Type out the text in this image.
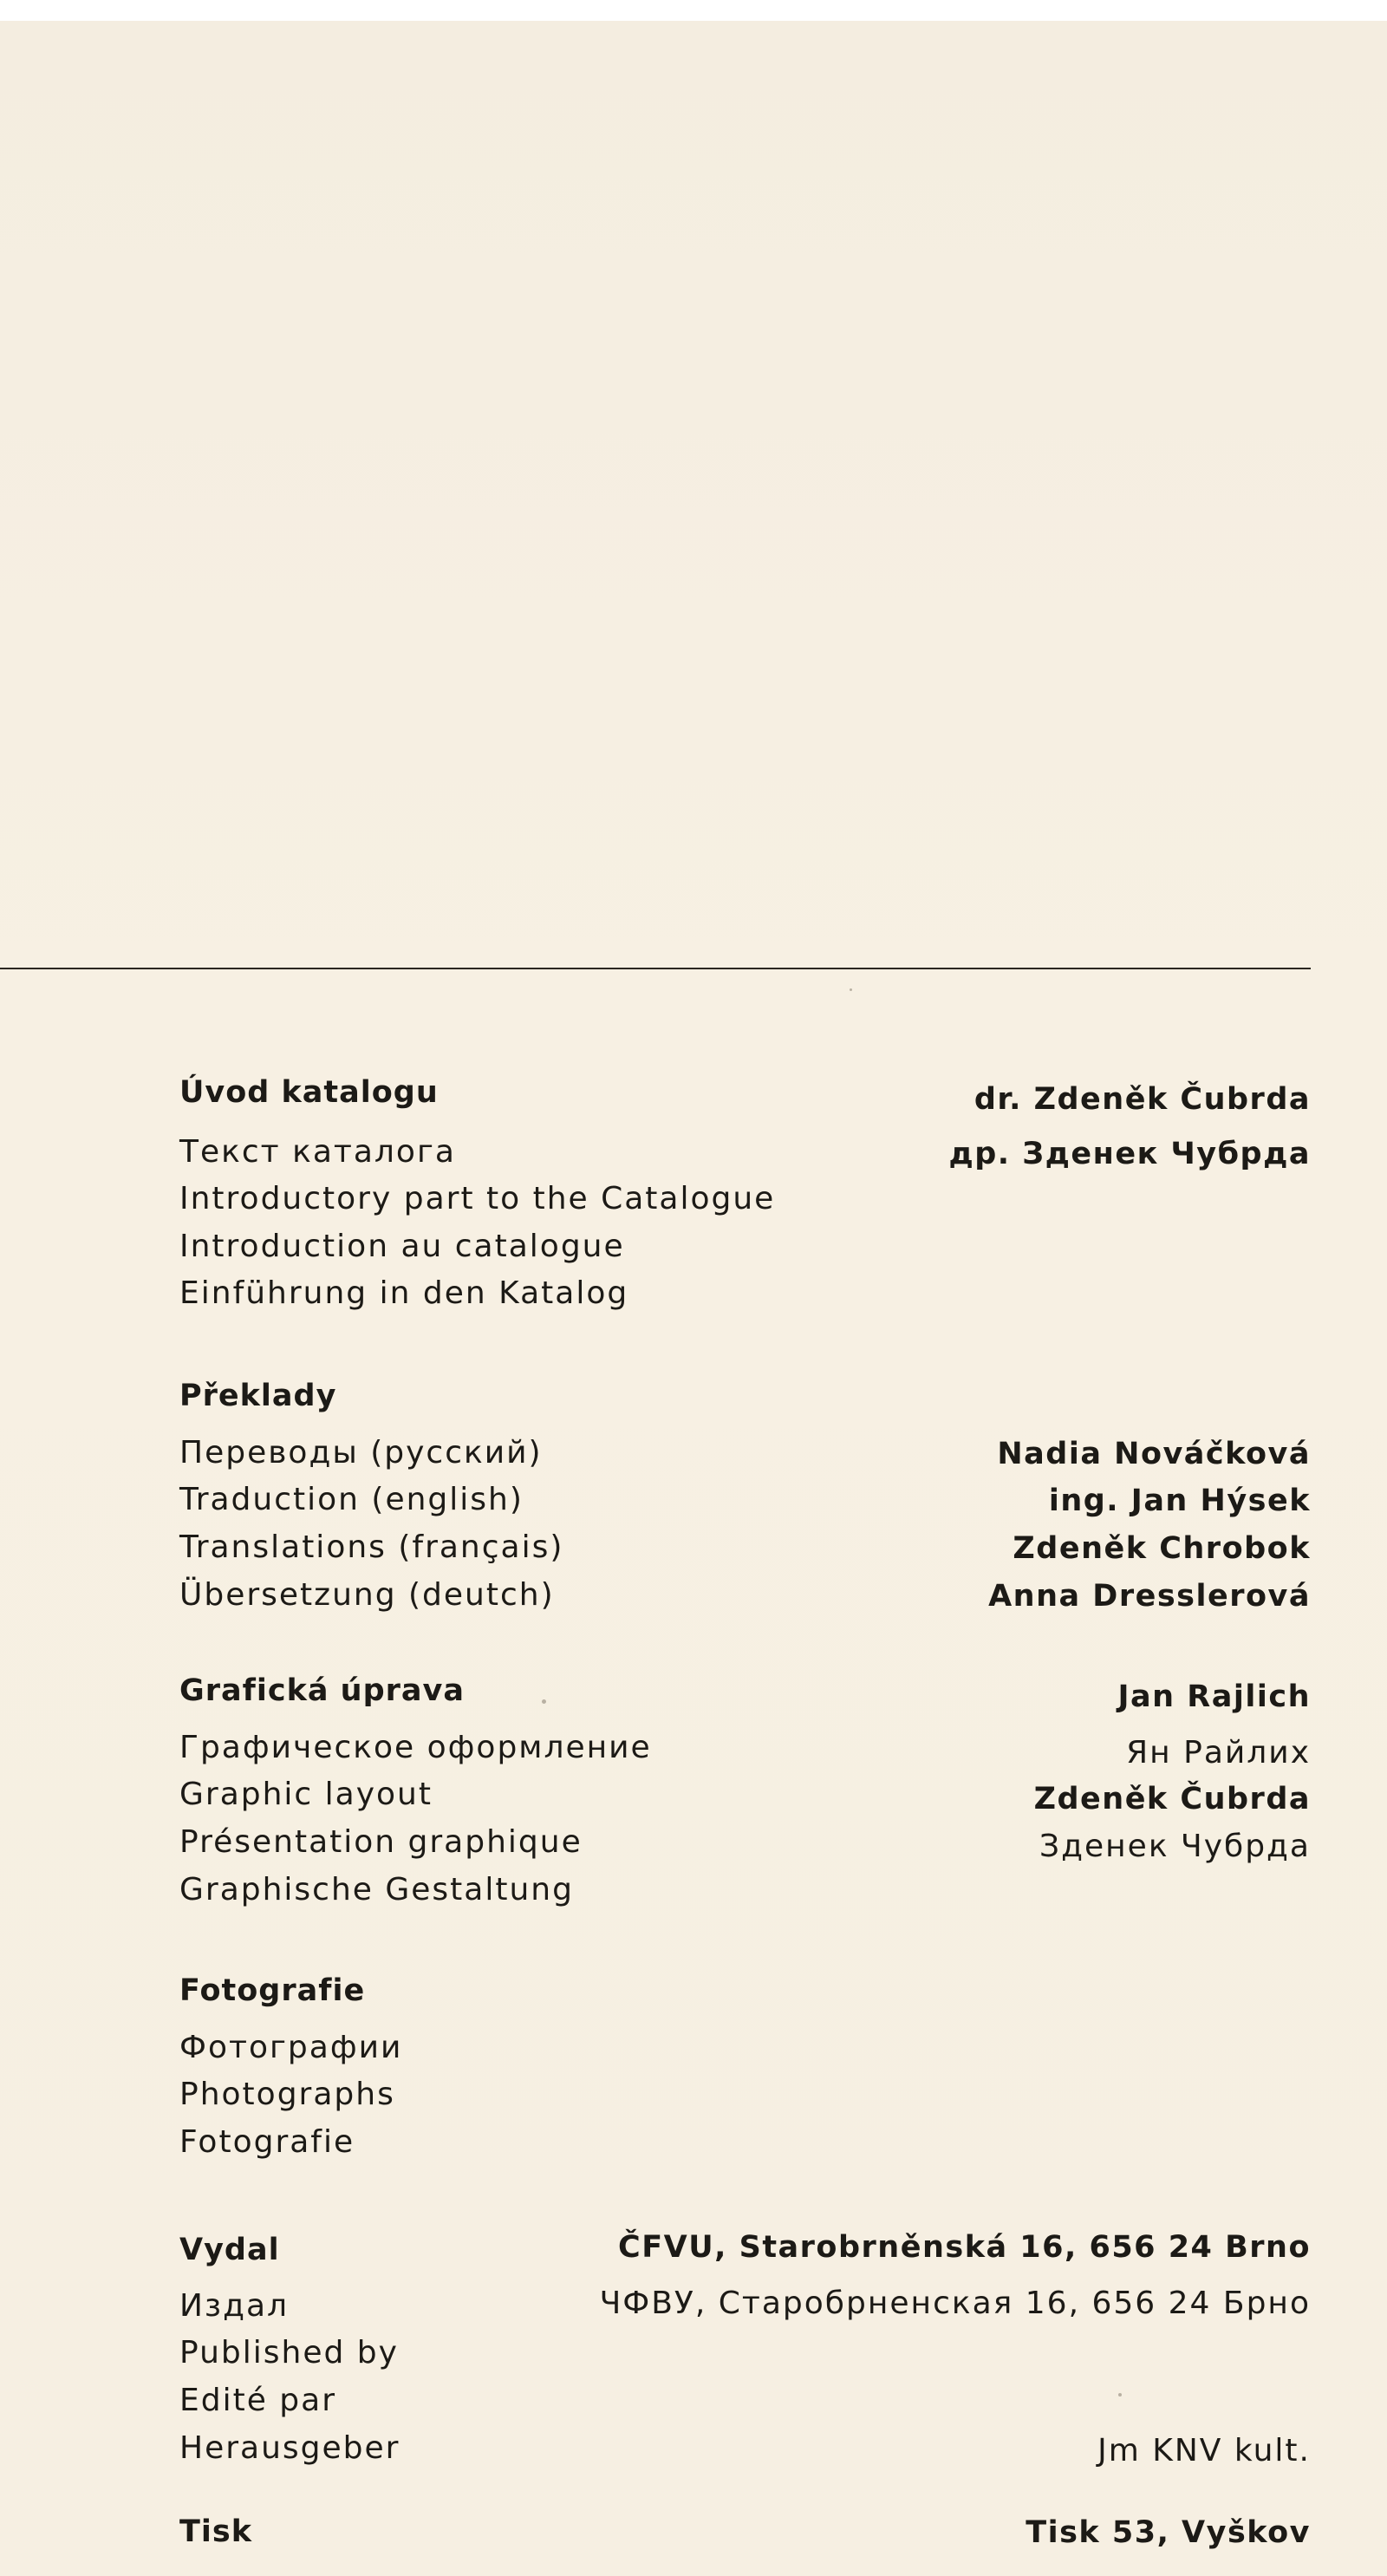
Úvod katalogu
Текст каталога
Introductory part to the Catalogue
Introduction au catalogue
Einführung in den Katalog
dr. Zdeněk Čubrda
др. Зденек Чубрда
Překlady
Переводы (русский)
Traduction (english)
Translations (français)
Übersetzung (deutch)
Nadia Nováčková
ing. Jan Hýsek
Zdeněk Chrobok
Anna Dresslerová
Grafická úprava
Графическое оформление
Graphic layout
Présentation graphique
Graphische Gestaltung
Jan Rajlich
Ян Райлих
Zdeněk Čubrda
Зденек Чубрда
Fotografie
Фотографии
Photographs
Fotografie
Vydal
Издал
Published by
Edité par
Herausgeber
ČFVU, Starobrněnská 16, 656 24 Brno
ЧФВУ, Старобрненская 16, 656 24 Брно
Jm KNV kult.
Tisk	Tisk 53, Vyškov
